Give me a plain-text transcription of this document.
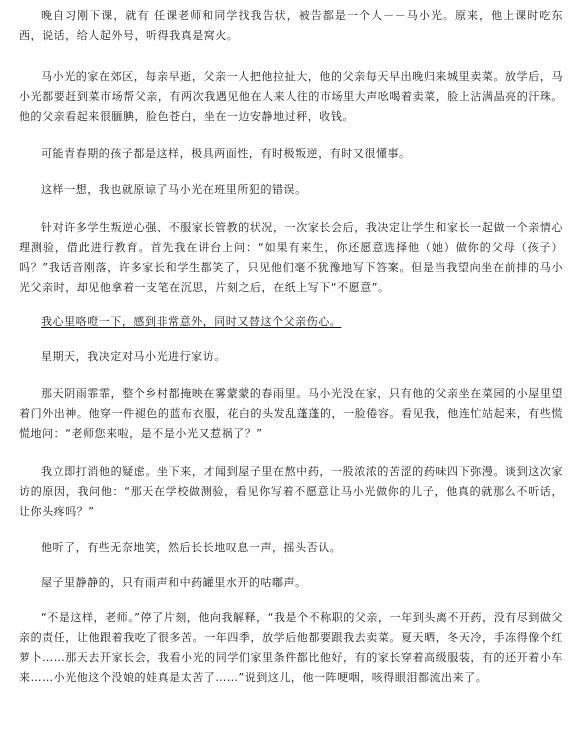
晚自习刚下课，就有 任课老师和同学找我告状，被告都是一个人－－马小光。原来，他上课时吃东西，说话，给人起外号，听得我真是窝火。

马小光的家在郊区，每亲早逝，父亲一人把他拉扯大，他的父亲每天早出晚归来城里卖菜。放学后，马小光都要赶到菜市场帮父亲，有两次我遇见他在人来人往的市场里大声吆喝着卖菜，脸上沾满晶亮的汗珠。他的父亲看起来很腼腆，脸色苍白，坐在一边安静地过秤，收钱。

可能青春期的孩子都是这样，极具两面性，有时极叛逆，有时又很懂事。

这样一想，我也就原谅了马小光在班里所犯的错误。

针对许多学生叛逆心强、不服家长管教的状况，一次家长会后，我决定让学生和家长一起做一个亲情心理测验，借此进行教育。首先我在讲台上问：“如果有来生，你还愿意选择他（她）做你的父母（孩子）吗？”我话音刚落，许多家长和学生都笑了，只见他们毫不犹豫地写下答案。但是当我望向坐在前排的马小光父亲时，却见他拿着一支笔在沉思，片刻之后，在纸上写下“不愿意”。

我心里咯噔一下，感到非常意外，同时又替这个父亲伤心。

星期天，我决定对马小光进行家访。

那天阴雨霏霏，整个乡村都掩映在雾蒙蒙的春雨里。马小光没在家，只有他的父亲坐在菜园的小屋里望着门外出神。他穿一件褪色的蓝布衣服，花白的头发乱蓬蓬的，一脸倦容。看见我，他连忙站起来，有些慌慌地问：“老师您来啦，是不是小光又惹祸了？”

我立即打消他的疑虑。坐下来，才闻到屋子里在熬中药，一股浓浓的苦涩的药味四下弥漫。谈到这次家访的原因，我问他：“那天在学校做测验，看见你写着不愿意让马小光做你的儿子，他真的就那么不听话，让你头疼吗？”

他听了，有些无奈地笑，然后长长地叹息一声，摇头否认。

屋子里静静的，只有雨声和中药罐里水开的咕嘟声。

“不是这样，老师。”停了片刻，他向我解释，“我是个不称职的父亲，一年到头离不开药，没有尽到做父亲的责任，让他跟着我吃了很多苦。一年四季，放学后他都要跟我去卖菜。夏天晒，冬天冷，手冻得像个红萝卜……那天去开家长会，我看小光的同学们家里条件都比他好，有的家长穿着高级服装，有的还开着小车来……小光他这个没娘的娃真是太苦了……”说到这儿，他一阵哽咽，咳得眼泪都流出来了。
